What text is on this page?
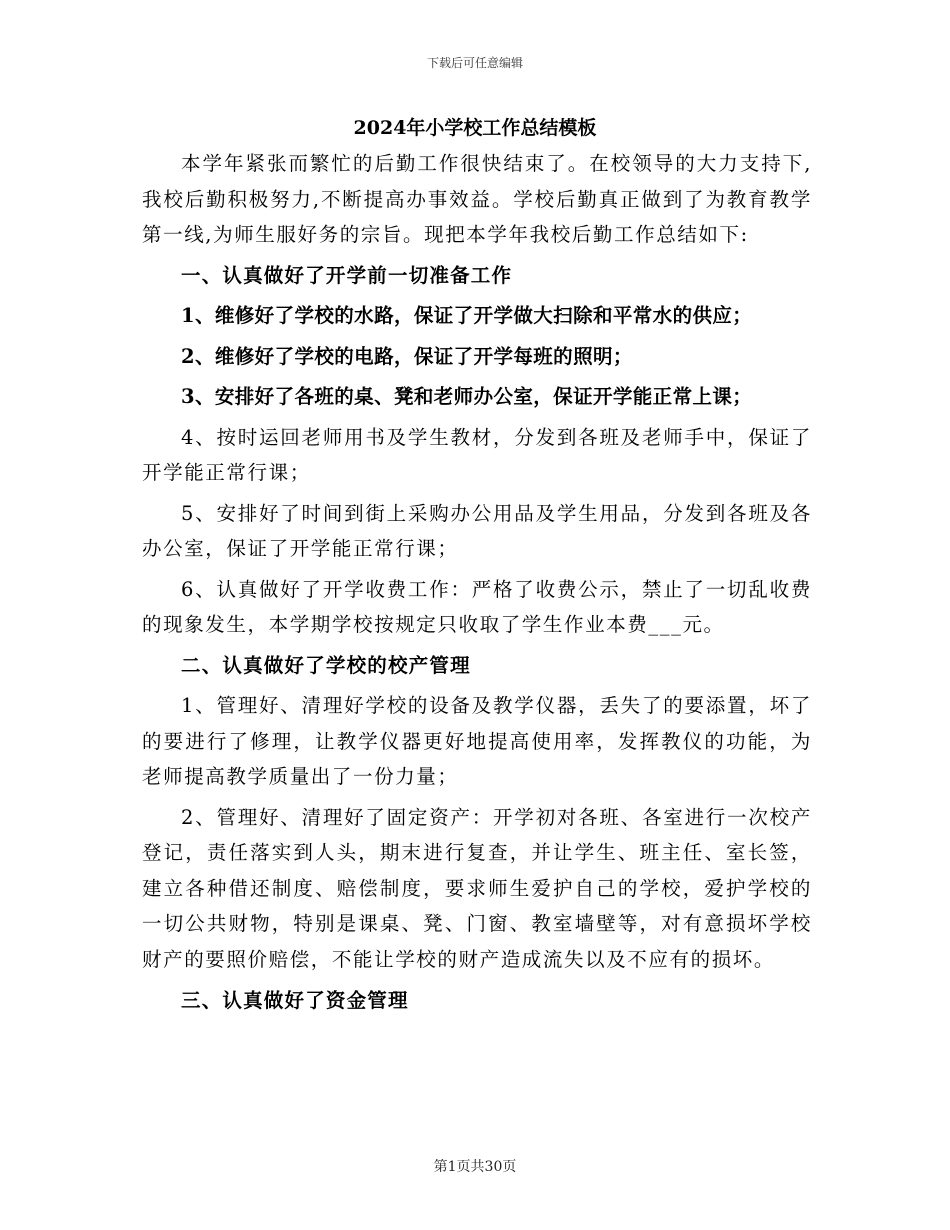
下载后可任意编辑
2024年小学校工作总结模板

本学年紧张而繁忙的后勤工作很快结束了。在校领导的大力支持下,我校后勤积极努力,不断提高办事效益。学校后勤真正做到了为教育教学第一线,为师生服好务的宗旨。现把本学年我校后勤工作总结如下:

一、认真做好了开学前一切准备工作

1、维修好了学校的水路，保证了开学做大扫除和平常水的供应；

2、维修好了学校的电路，保证了开学每班的照明；

3、安排好了各班的桌、凳和老师办公室，保证开学能正常上课；

4、按时运回老师用书及学生教材，分发到各班及老师手中，保证了开学能正常行课；

5、安排好了时间到街上采购办公用品及学生用品，分发到各班及各办公室，保证了开学能正常行课；

6、认真做好了开学收费工作：严格了收费公示，禁止了一切乱收费的现象发生，本学期学校按规定只收取了学生作业本费___元。

二、认真做好了学校的校产管理

1、管理好、清理好学校的设备及教学仪器，丢失了的要添置，坏了的要进行了修理，让教学仪器更好地提高使用率，发挥教仪的功能，为老师提高教学质量出了一份力量；

2、管理好、清理好了固定资产：开学初对各班、各室进行一次校产登记，责任落实到人头，期末进行复查，并让学生、班主任、室长签，建立各种借还制度、赔偿制度，要求师生爱护自己的学校，爱护学校的一切公共财物，特别是课桌、凳、门窗、教室墙壁等，对有意损坏学校财产的要照价赔偿，不能让学校的财产造成流失以及不应有的损坏。

三、认真做好了资金管理

第1页共30页
